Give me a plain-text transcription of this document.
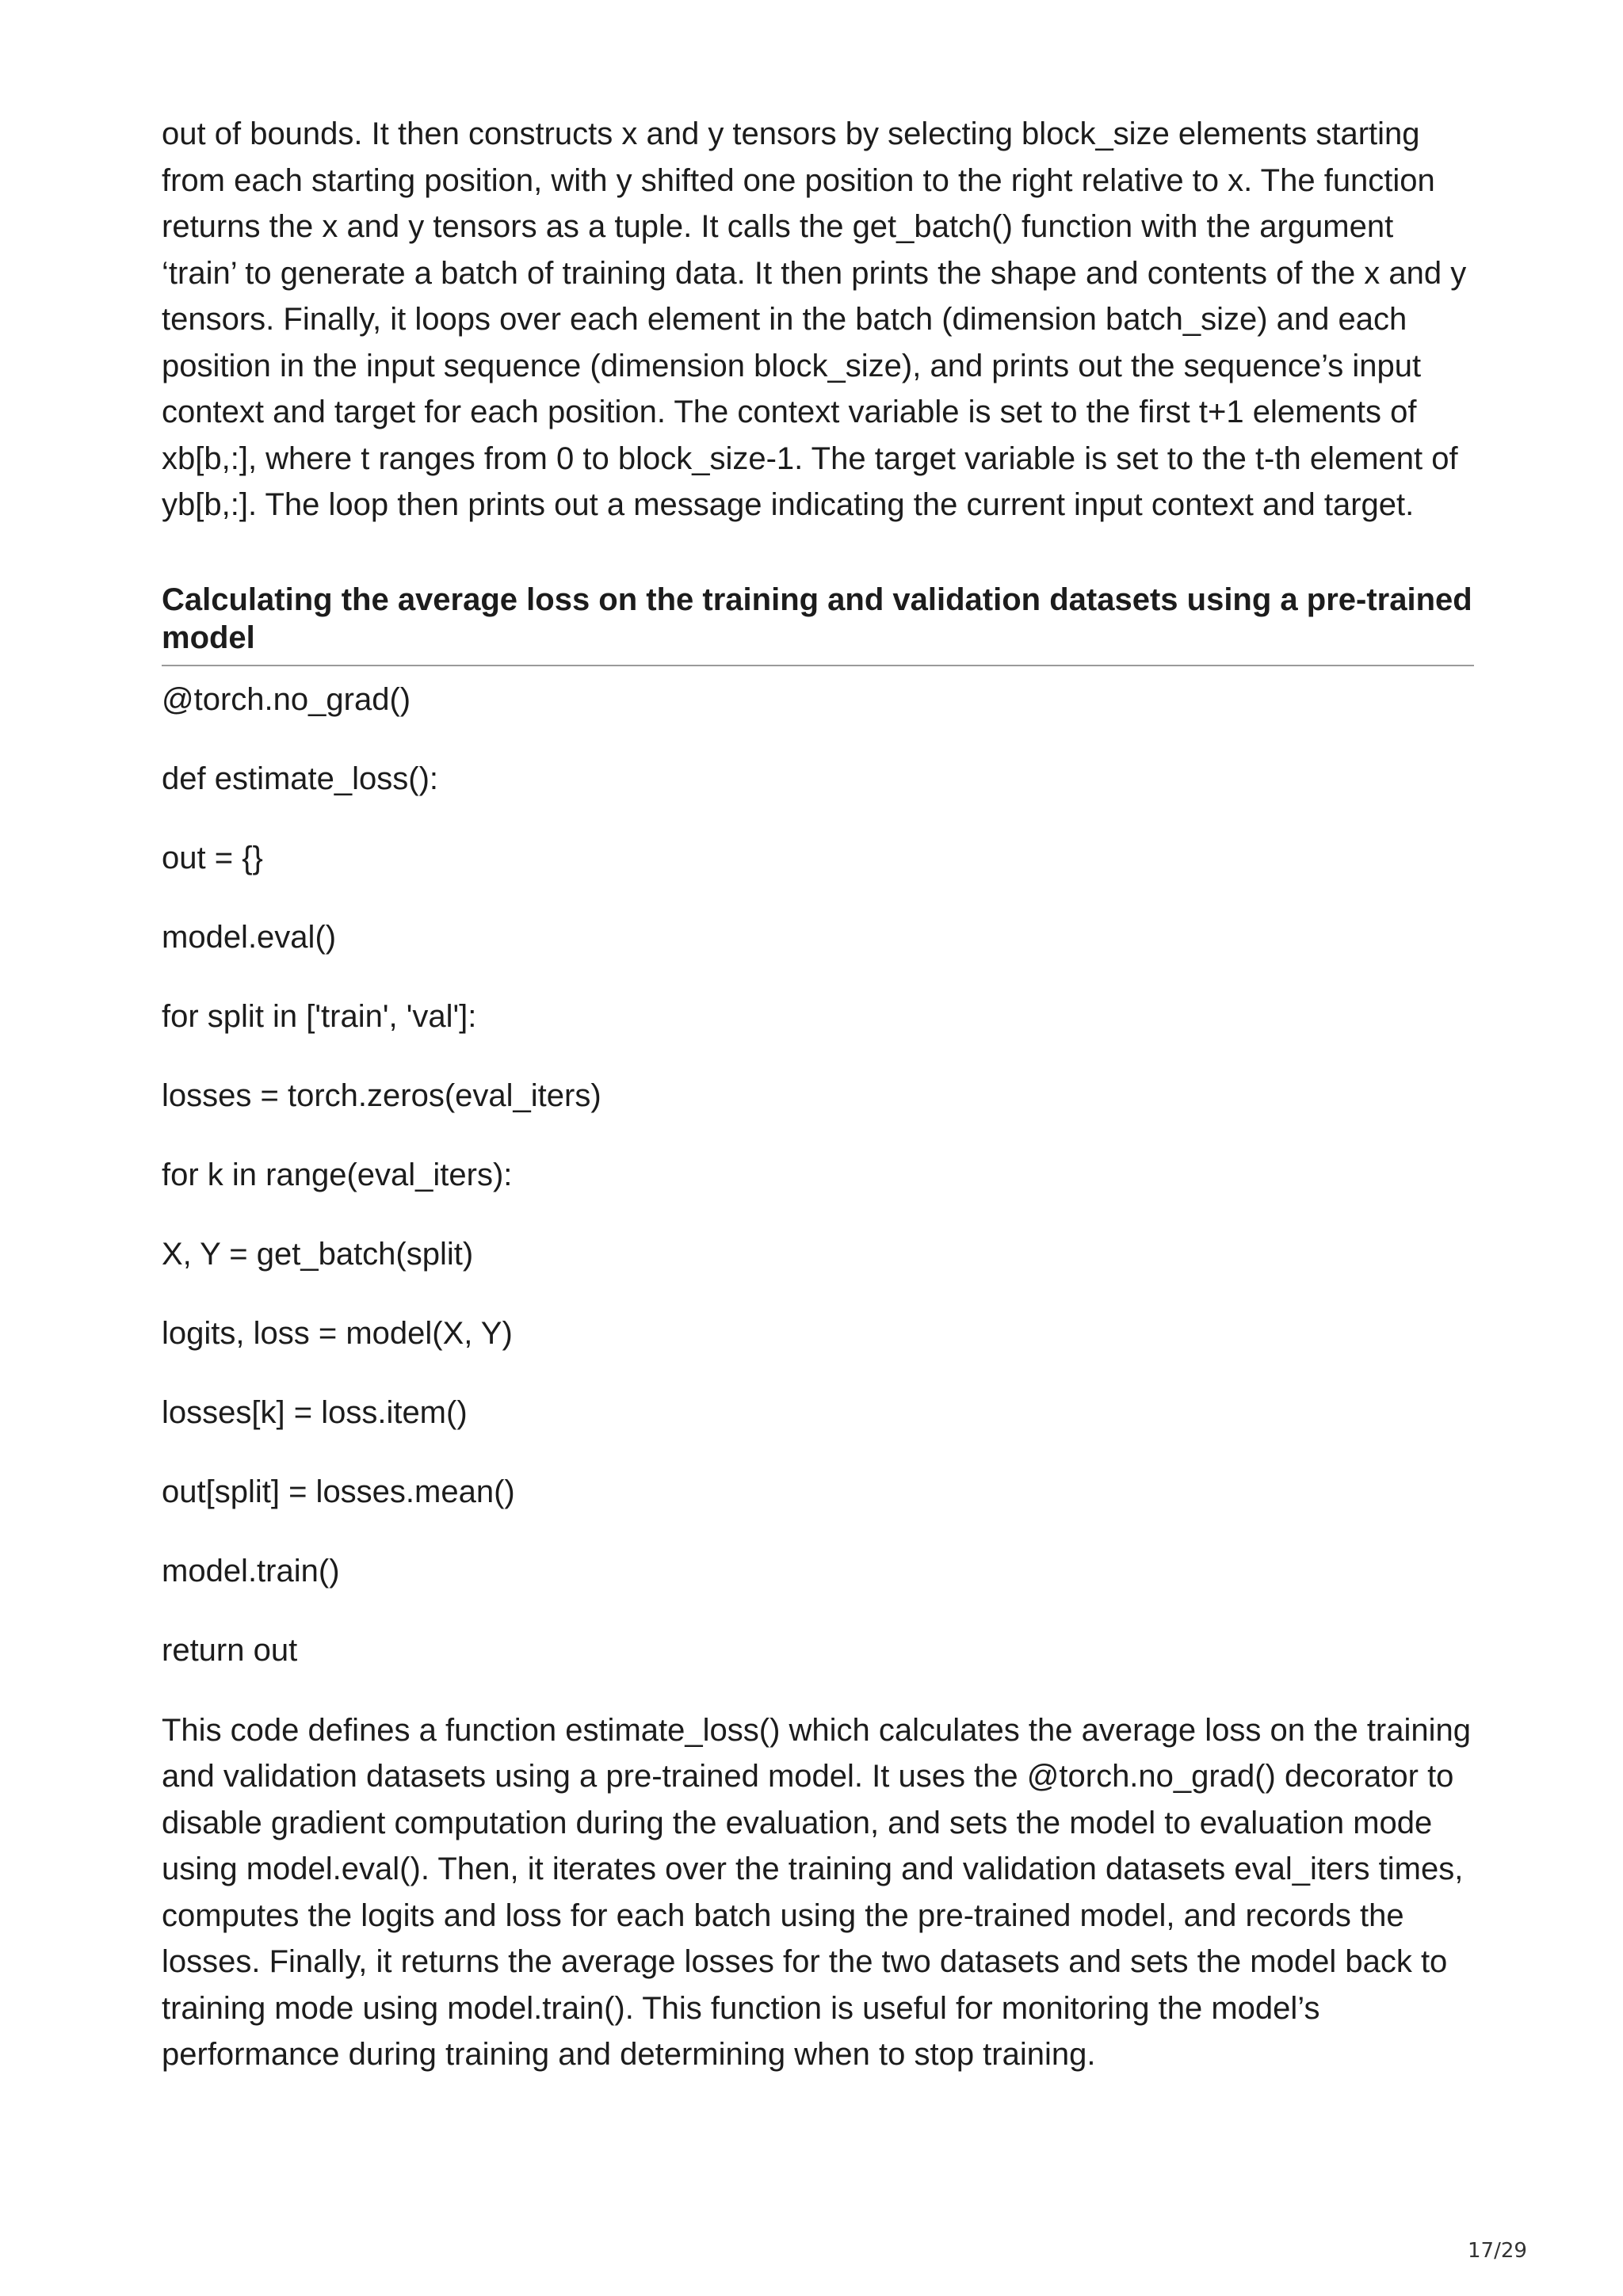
out of bounds. It then constructs x and y tensors by selecting block_size elements starting from each starting position, with y shifted one position to the right relative to x. The function returns the x and y tensors as a tuple. It calls the get_batch() function with the argument ‘train’ to generate a batch of training data. It then prints the shape and contents of the x and y tensors. Finally, it loops over each element in the batch (dimension batch_size) and each position in the input sequence (dimension block_size), and prints out the sequence’s input context and target for each position. The context variable is set to the first t+1 elements of xb[b,:], where t ranges from 0 to block_size-1. The target variable is set to the t-th element of yb[b,:]. The loop then prints out a message indicating the current input context and target.

Calculating the average loss on the training and validation datasets using a pre-trained model
@torch.no_grad()
def estimate_loss():
out = {}
model.eval()
for split in ['train', 'val']:
losses = torch.zeros(eval_iters)
for k in range(eval_iters):
X, Y = get_batch(split)
logits, loss = model(X, Y)
losses[k] = loss.item()
out[split] = losses.mean()
model.train()
return out

This code defines a function estimate_loss() which calculates the average loss on the training and validation datasets using a pre-trained model. It uses the @torch.no_grad() decorator to disable gradient computation during the evaluation, and sets the model to evaluation mode using model.eval(). Then, it iterates over the training and validation datasets eval_iters times, computes the logits and loss for each batch using the pre-trained model, and records the losses. Finally, it returns the average losses for the two datasets and sets the model back to training mode using model.train(). This function is useful for monitoring the model’s performance during training and determining when to stop training.

17/29
